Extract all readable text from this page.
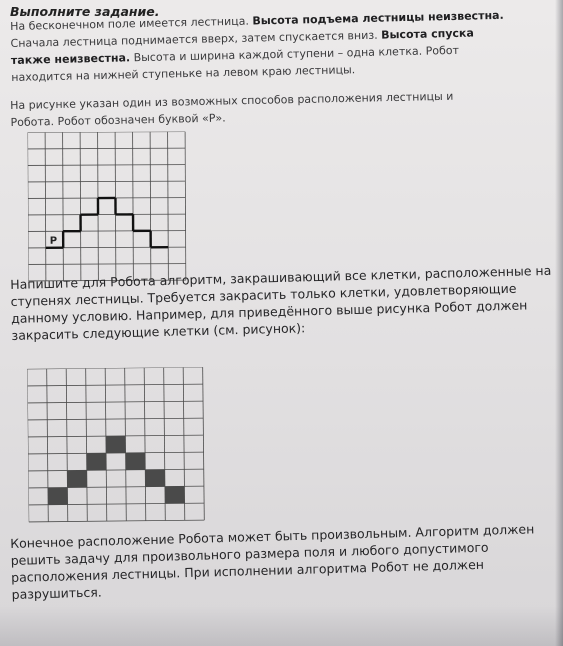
Выполните задание.
На бесконечном поле имеется лестница. Высота подъема лестницы неизвестна. Сначала лестница поднимается вверх, затем спускается вниз. Высота спуска также неизвестна. Высота и ширина каждой ступени – одна клетка. Робот находится на нижней ступеньке на левом краю лестницы.
На рисунке указан один из возможных способов расположения лестницы и Робота. Робот обозначен буквой «Р».
Р
Напишите для Робота алгоритм, закрашивающий все клетки, расположенные на ступенях лестницы. Требуется закрасить только клетки, удовлетворяющие данному условию. Например, для приведённого выше рисунка Робот должен закрасить следующие клетки (см. рисунок):
Конечное расположение Робота может быть произвольным. Алгоритм должен решить задачу для произвольного размера поля и любого допустимого расположения лестницы. При исполнении алгоритма Робот не должен разрушиться.
